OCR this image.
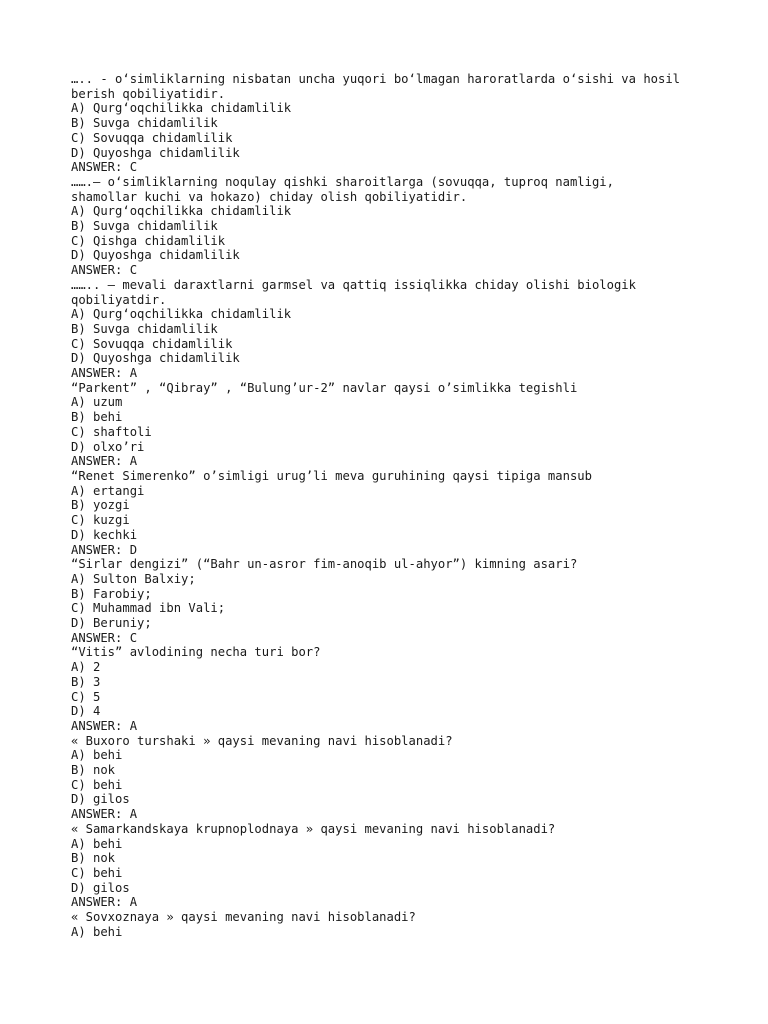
….. - o‘simliklarning nisbatan uncha yuqori bo‘lmagan haroratlarda o‘sishi va hosil
berish qobiliyatidir.
A) Qurg‘oqchilikka chidamlilik
B) Suvga chidamlilik
C) Sovuqqa chidamlilik
D) Quyoshga chidamlilik
ANSWER: C
…….– o‘simliklarning noqulay qishki sharoitlarga (sovuqqa, tuproq namligi,
shamollar kuchi va hokazo) chiday olish qobiliyatidir.
A) Qurg‘oqchilikka chidamlilik
B) Suvga chidamlilik
C) Qishga chidamlilik
D) Quyoshga chidamlilik
ANSWER: C
…….. – mevali daraxtlarni garmsel va qattiq issiqlikka chiday olishi biologik
qobiliyatdir.
A) Qurg‘oqchilikka chidamlilik
B) Suvga chidamlilik
C) Sovuqqa chidamlilik
D) Quyoshga chidamlilik
ANSWER: A
“Parkent” , “Qibray” , “Bulung’ur-2” navlar qaysi o’simlikka tegishli
A) uzum
B) behi
C) shaftoli
D) olxo’ri
ANSWER: A
“Renet Simerenko” o’simligi urug’li meva guruhining qaysi tipiga mansub
A) ertangi
B) yozgi
C) kuzgi
D) kechki
ANSWER: D
“Sirlar dengizi” (“Bahr un-asror fim-anoqib ul-ahyor”) kimning asari?
A) Sulton Balxiy;
B) Farobiy;
C) Muhammad ibn Vali;
D) Beruniy;
ANSWER: C
“Vitis” avlodining necha turi bor?
A) 2
B) 3
C) 5
D) 4
ANSWER: A
« Buxoro turshaki » qaysi mevaning navi hisoblanadi?
A) behi
B) nok
C) behi
D) gilos
ANSWER: A
« Samarkandskaya krupnoplodnaya » qaysi mevaning navi hisoblanadi?
A) behi
B) nok
C) behi
D) gilos
ANSWER: A
« Sovxoznaya » qaysi mevaning navi hisoblanadi?
A) behi
